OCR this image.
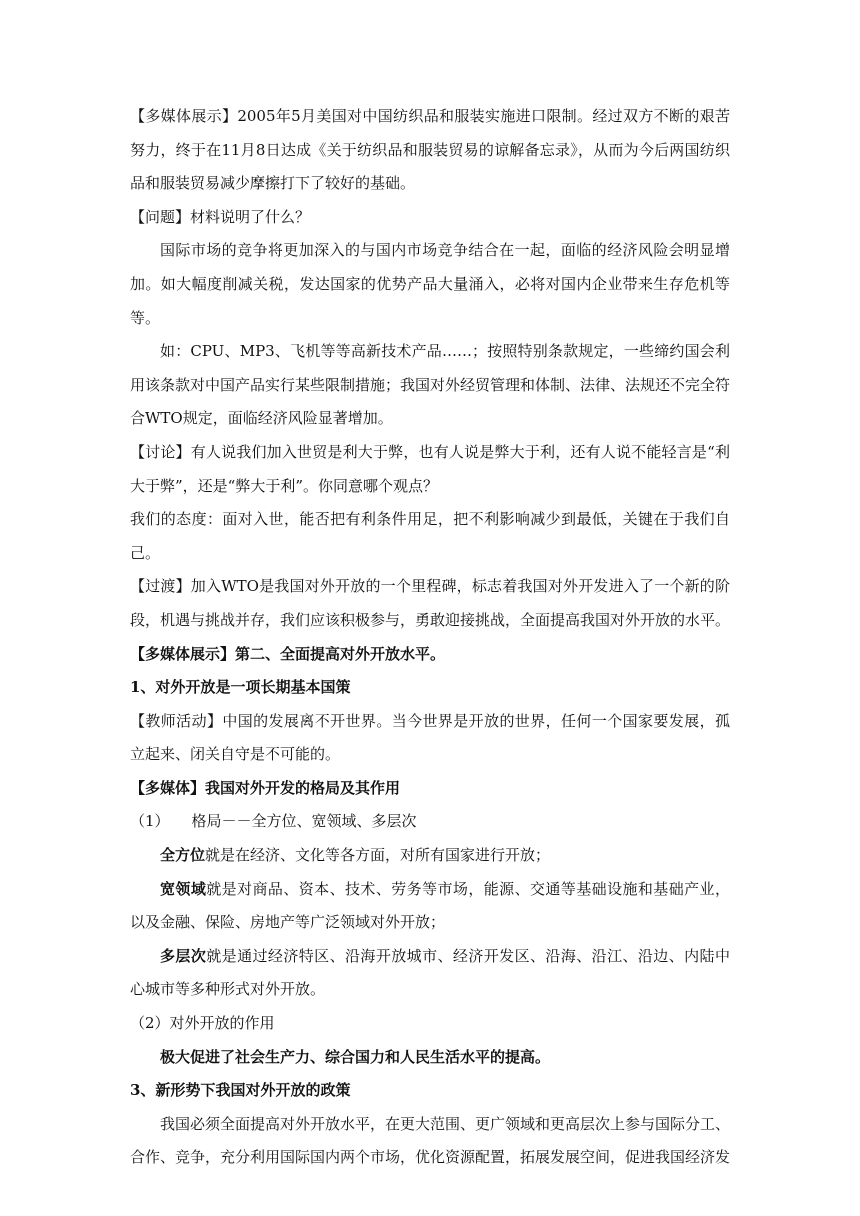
【多媒体展示】2005年5月美国对中国纺织品和服装实施进口限制。经过双方不断的艰苦努力，终于在11月8日达成《关于纺织品和服装贸易的谅解备忘录》，从而为今后两国纺织品和服装贸易减少摩擦打下了较好的基础。

【问题】材料说明了什么？

国际市场的竞争将更加深入的与国内市场竞争结合在一起，面临的经济风险会明显增加。如大幅度削减关税，发达国家的优势产品大量涌入，必将对国内企业带来生存危机等等。

如：CPU、MP3、飞机等等高新技术产品……；按照特别条款规定，一些缔约国会利用该条款对中国产品实行某些限制措施；我国对外经贸管理和体制、法律、法规还不完全符合WTO规定，面临经济风险显著增加。

【讨论】有人说我们加入世贸是利大于弊，也有人说是弊大于利，还有人说不能轻言是“利大于弊”，还是“弊大于利”。你同意哪个观点？

我们的态度：面对入世，能否把有利条件用足，把不利影响减少到最低，关键在于我们自己。

【过渡】加入WTO是我国对外开放的一个里程碑，标志着我国对外开发进入了一个新的阶段，机遇与挑战并存，我们应该积极参与，勇敢迎接挑战，全面提高我国对外开放的水平。

【多媒体展示】第二、全面提高对外开放水平。

1、对外开放是一项长期基本国策

【教师活动】中国的发展离不开世界。当今世界是开放的世界，任何一个国家要发展，孤立起来、闭关自守是不可能的。

【多媒体】我国对外开发的格局及其作用

（1） 格局－－全方位、宽领域、多层次

全方位就是在经济、文化等各方面，对所有国家进行开放；

宽领域就是对商品、资本、技术、劳务等市场，能源、交通等基础设施和基础产业，以及金融、保险、房地产等广泛领域对外开放；

多层次就是通过经济特区、沿海开放城市、经济开发区、沿海、沿江、沿边、内陆中心城市等多种形式对外开放。

（2）对外开放的作用

极大促进了社会生产力、综合国力和人民生活水平的提高。

3、新形势下我国对外开放的政策

我国必须全面提高对外开放水平，在更大范围、更广领域和更高层次上参与国际分工、合作、竞争，充分利用国际国内两个市场，优化资源配置，拓展发展空间，促进我国经济发
